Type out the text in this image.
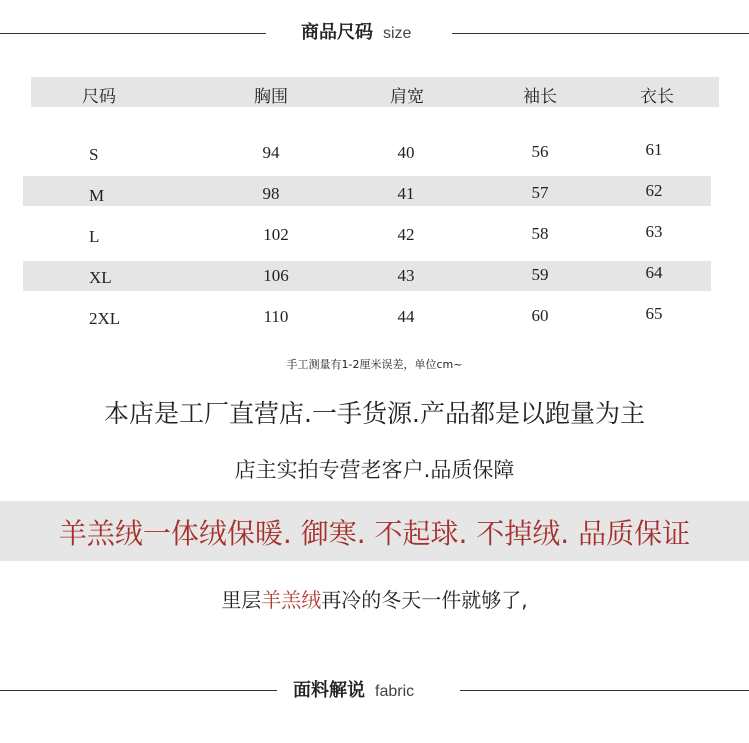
商品尺码 size
尺码	胸围	肩宽	袖长	衣长
S	94	40	56	61
M	98	41	57	62
L	102	42	58	63
XL	106	43	59	64
2XL	110	44	60	65
手工测量有1-2厘米误差，单位cm~
本店是工厂直营店.一手货源.产品都是以跑量为主
店主实拍专营老客户.品质保障
羊羔绒一体绒保暖. 御寒. 不起球. 不掉绒. 品质保证
里层羊羔绒再冷的冬天一件就够了,
面料解说 fabric
